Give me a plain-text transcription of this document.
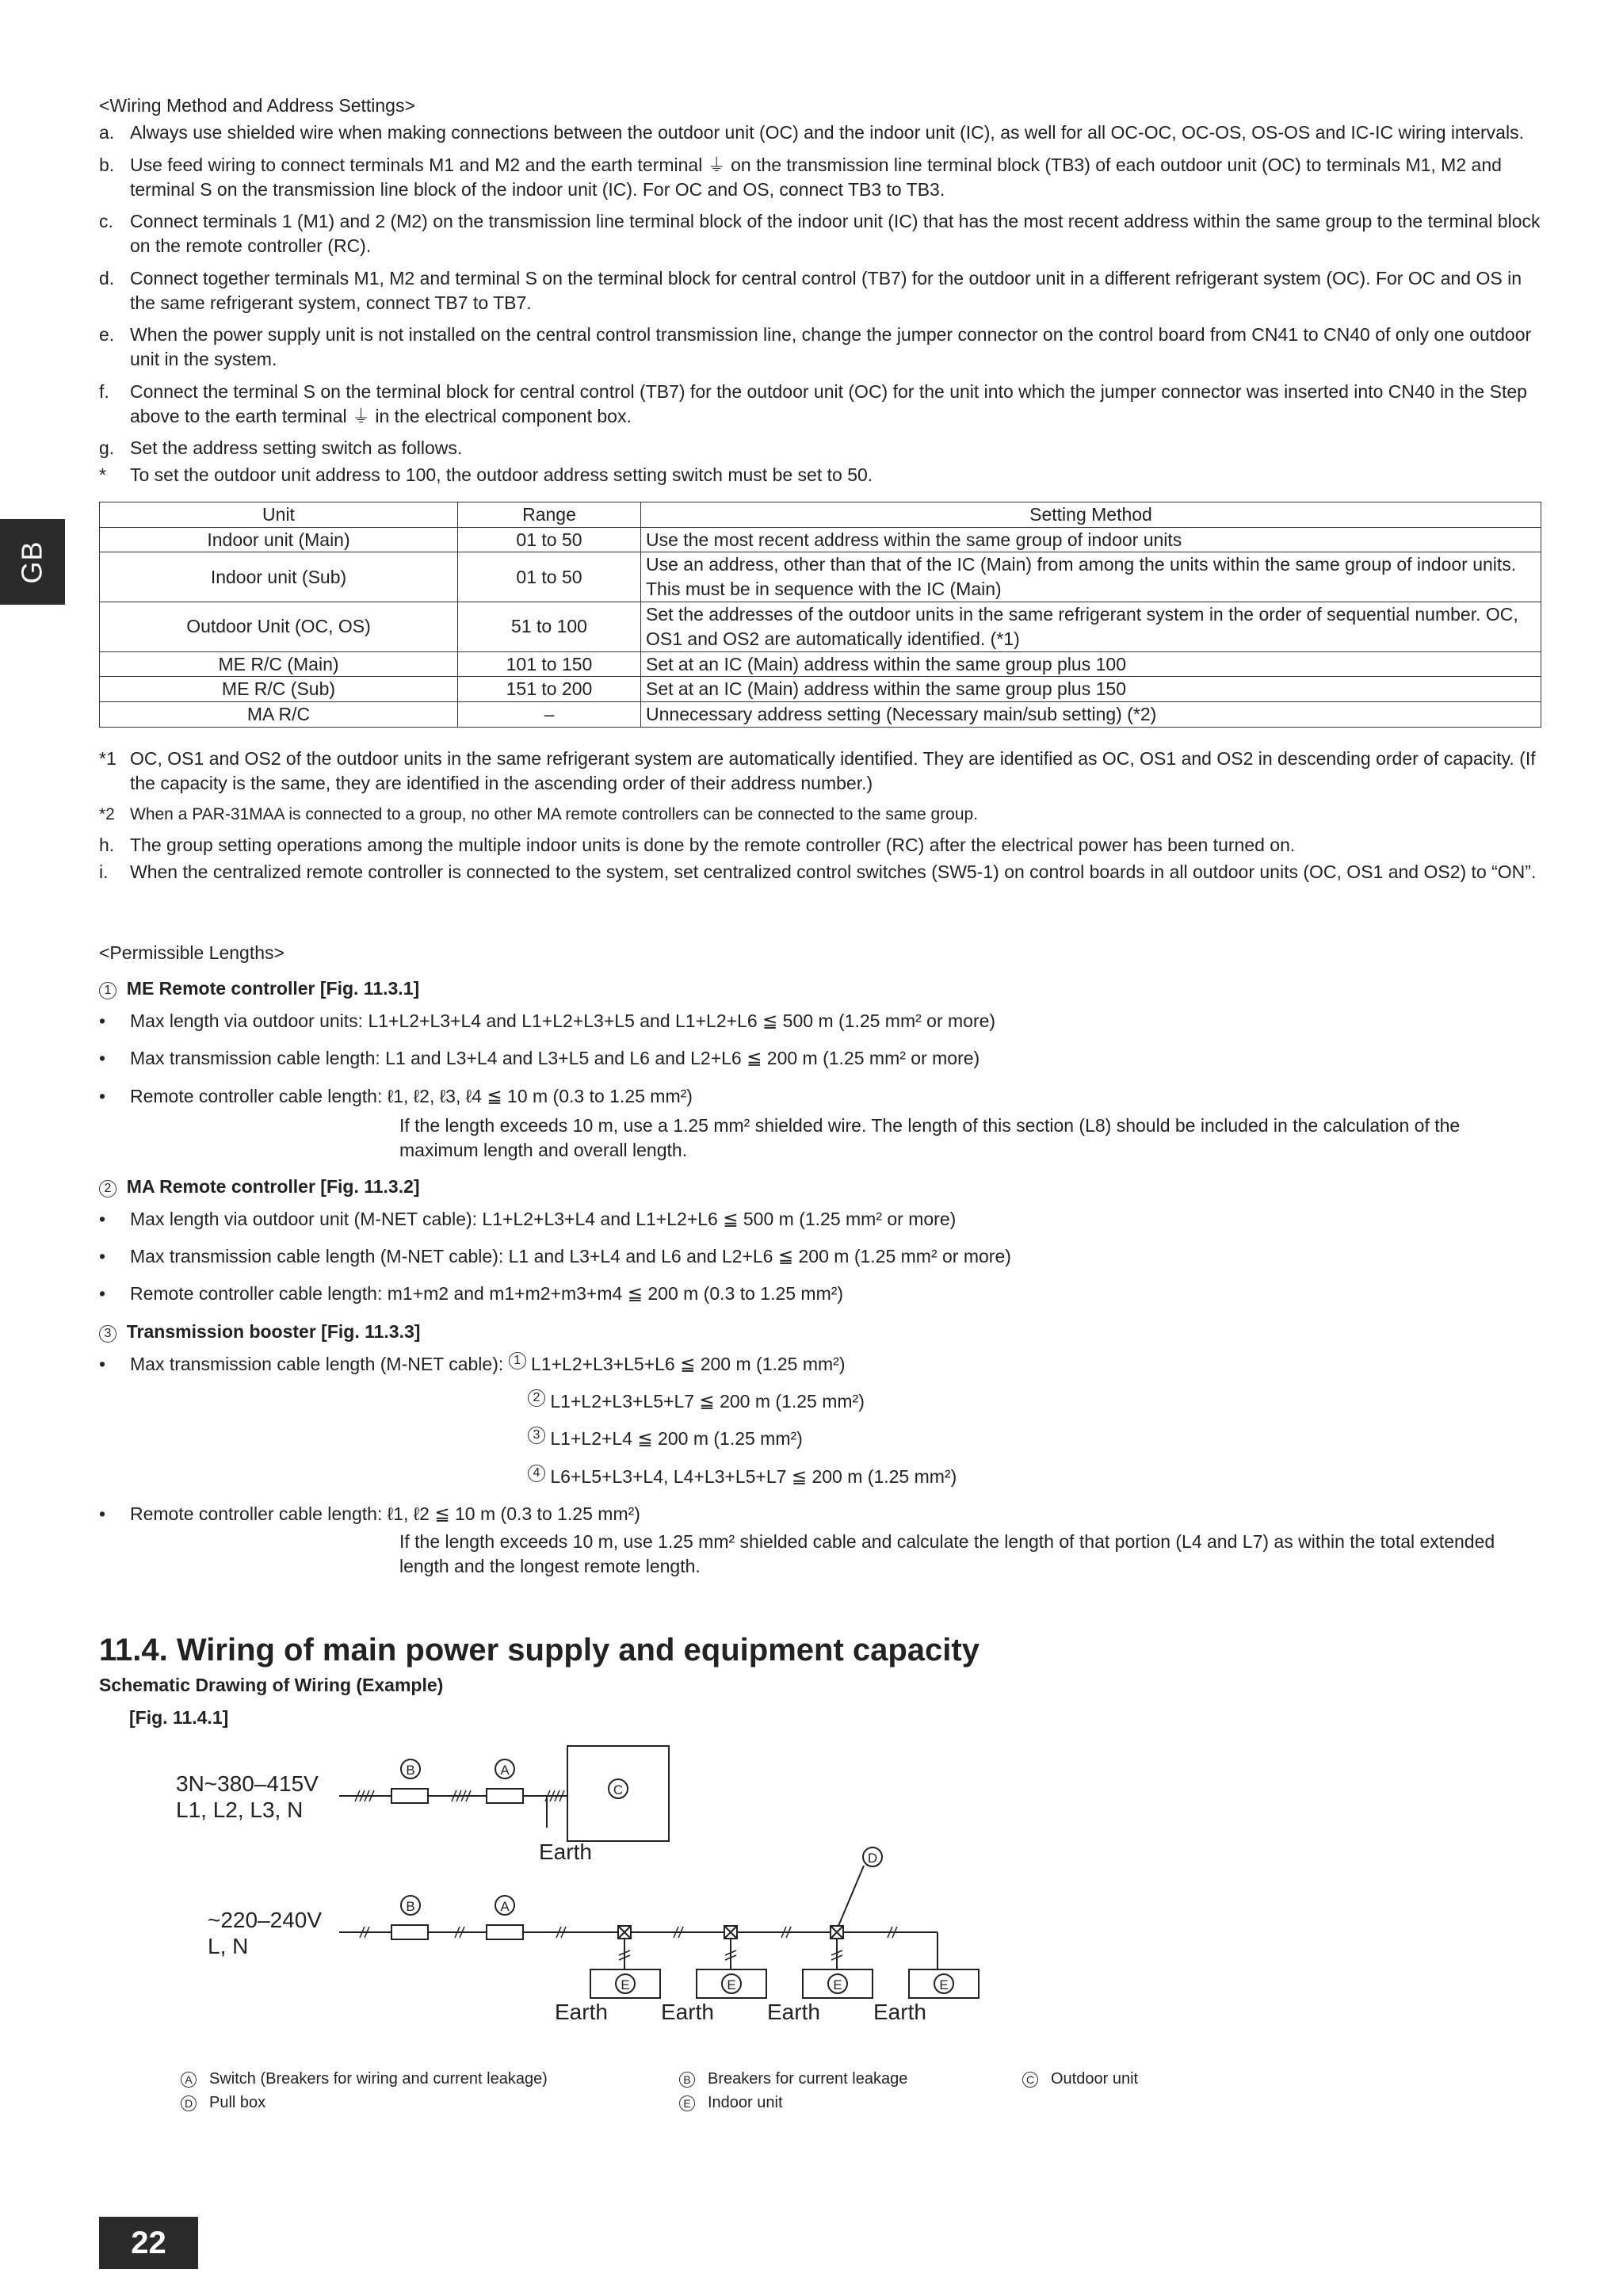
GB
<Wiring Method and Address Settings>
a. Always use shielded wire when making connections between the outdoor unit (OC) and the indoor unit (IC), as well for all OC-OC, OC-OS, OS-OS and IC-IC wiring intervals.
b. Use feed wiring to connect terminals M1 and M2 and the earth terminal ⏚ on the transmission line terminal block (TB3) of each outdoor unit (OC) to terminals M1, M2 and terminal S on the transmission line block of the indoor unit (IC). For OC and OS, connect TB3 to TB3.
c. Connect terminals 1 (M1) and 2 (M2) on the transmission line terminal block of the indoor unit (IC) that has the most recent address within the same group to the terminal block on the remote controller (RC).
d. Connect together terminals M1, M2 and terminal S on the terminal block for central control (TB7) for the outdoor unit in a different refrigerant system (OC). For OC and OS in the same refrigerant system, connect TB7 to TB7.
e. When the power supply unit is not installed on the central control transmission line, change the jumper connector on the control board from CN41 to CN40 of only one outdoor unit in the system.
f.	Connect the terminal S on the terminal block for central control (TB7) for the outdoor unit (OC) for the unit into which the jumper connector was inserted into CN40 in the Step above to the earth terminal ⏚ in the electrical component box.
g. Set the address setting switch as follows.
*	To set the outdoor unit address to 100, the outdoor address setting switch must be set to 50.
Unit	Range	Setting Method
Indoor unit (Main)	01 to 50	Use the most recent address within the same group of indoor units
Indoor unit (Sub)	01 to 50	Use an address, other than that of the IC (Main) from among the units within the same group of indoor units. This must be in sequence with the IC (Main)
Outdoor Unit (OC, OS)	51 to 100	Set the addresses of the outdoor units in the same refrigerant system in the order of sequential number. OC, OS1 and OS2 are automatically identified. (*1)
ME R/C (Main)	101 to 150	Set at an IC (Main) address within the same group plus 100
ME R/C (Sub)	151 to 200	Set at an IC (Main) address within the same group plus 150
MA R/C	–	Unnecessary address setting (Necessary main/sub setting) (*2)
*1 OC, OS1 and OS2 of the outdoor units in the same refrigerant system are automatically identified. They are identified as OC, OS1 and OS2 in descending order of capacity. (If the capacity is the same, they are identified in the ascending order of their address number.)
*2 When a PAR-31MAA is connected to a group, no other MA remote controllers can be connected to the same group.
h. The group setting operations among the multiple indoor units is done by the remote controller (RC) after the electrical power has been turned on.
i.	When the centralized remote controller is connected to the system, set centralized control switches (SW5-1) on control boards in all outdoor units (OC, OS1 and OS2) to “ON”.
<Permissible Lengths>
1 ME Remote controller [Fig. 11.3.1]
•	Max length via outdoor units: L1+L2+L3+L4 and L1+L2+L3+L5 and L1+L2+L6 ≦ 500 m (1.25 mm² or more)
•	Max transmission cable length: L1 and L3+L4 and L3+L5 and L6 and L2+L6 ≦ 200 m (1.25 mm² or more)
•	Remote controller cable length: ℓ1, ℓ2, ℓ3, ℓ4 ≦ 10 m (0.3 to 1.25 mm²)
If the length exceeds 10 m, use a 1.25 mm² shielded wire. The length of this section (L8) should be included in the calculation of the maximum length and overall length.
2 MA Remote controller [Fig. 11.3.2]
•	Max length via outdoor unit (M-NET cable): L1+L2+L3+L4 and L1+L2+L6 ≦ 500 m (1.25 mm² or more)
•	Max transmission cable length (M-NET cable): L1 and L3+L4 and L6 and L2+L6 ≦ 200 m (1.25 mm² or more)
•	Remote controller cable length: m1+m2 and m1+m2+m3+m4 ≦ 200 m (0.3 to 1.25 mm²)
3 Transmission booster [Fig. 11.3.3]
•	Max transmission cable length (M-NET cable):
1
L1+L2+L3+L5+L6 ≦ 200 m (1.25 mm²)
2
L1+L2+L3+L5+L7 ≦ 200 m (1.25 mm²)
3
L1+L2+L4 ≦ 200 m (1.25 mm²)
4
L6+L5+L3+L4, L4+L3+L5+L7 ≦ 200 m (1.25 mm²)
•	Remote controller cable length: ℓ1, ℓ2 ≦ 10 m (0.3 to 1.25 mm²)
If the length exceeds 10 m, use 1.25 mm² shielded cable and calculate the length of that portion (L4 and L7) as within the total extended length and the longest remote length.
11.4. Wiring of main power supply and equipment capacity
Schematic Drawing of Wiring (Example)
[Fig. 11.4.1]
3N~380–415V
L1, L2, L3, N
B	A
C
Earth
~220–240V
L, N
B	A
E	E	E	E
Earth Earth Earth Earth
D
A Switch (Breakers for wiring and current leakage)	B Breakers for current leakage	C Outdoor unit
D Pull box	E Indoor unit
22
